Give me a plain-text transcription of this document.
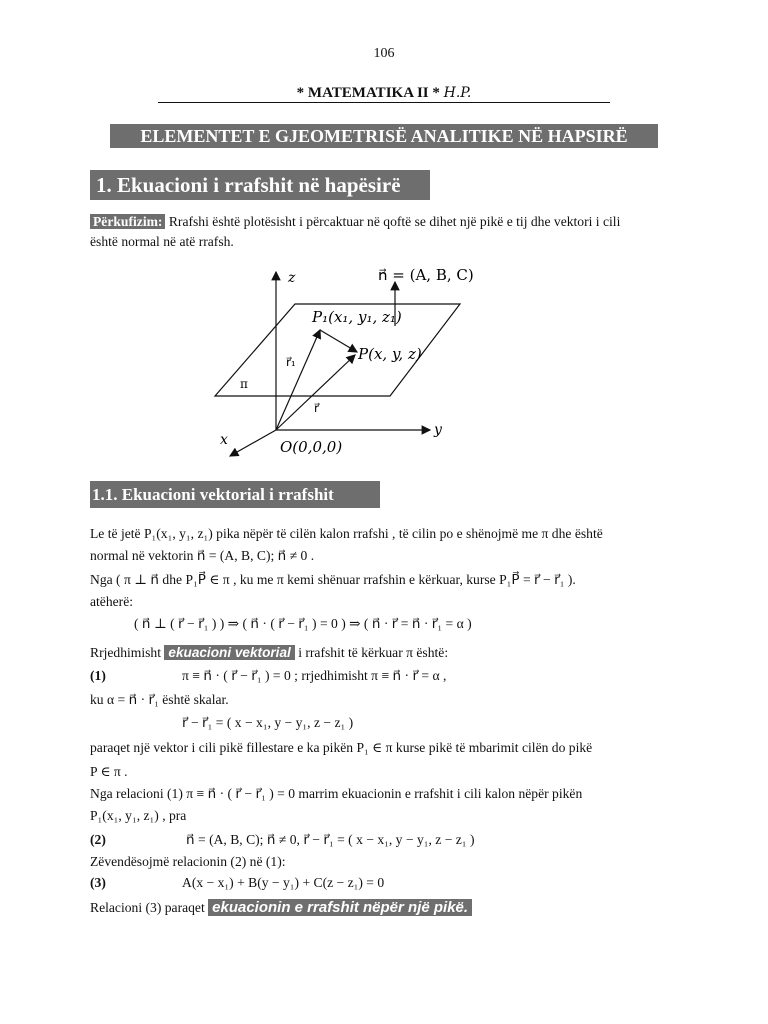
106
* MATEMATIKA II * H.P.
ELEMENTET E GJEOMETRISË ANALITIKE NË HAPSIRË
1. Ekuacioni i rrafshit në hapësirë
Përkufizim: Rrafshi është plotësisht i përcaktuar në qoftë se dihet një pikë e tij dhe vektori i cili
është normal në atë rrafsh.
z
y
x
n⃗ = (A, B, C)
P₁(x₁, y₁, z₁)
P(x, y, z)
r⃗₁
r⃗
π
O(0,0,0)
1.1. Ekuacioni vektorial i rrafshit
Le të jetë P₁(x₁, y₁, z₁) pika nëpër të cilën kalon rrafshi , të cilin po e shënojmë me π dhe është
normal në vektorin n⃗ = (A, B, C); n⃗ ≠ 0 .
Nga ( π ⊥ n⃗ dhe P₁P⃗ ∈ π , ku me π kemi shënuar rrafshin e kërkuar, kurse P₁P⃗ = r⃗ − r⃗₁ ).
atëherë:
( n⃗ ⊥ ( r⃗ − r⃗₁ ) ) ⇒ ( n⃗ · ( r⃗ − r⃗₁ ) = 0 ) ⇒ ( n⃗ · r⃗ = n⃗ · r⃗₁ = α )
Rrjedhimisht ekuacioni vektorial i rrafshit të kërkuar π është:
(1)	π ≡ n⃗ · ( r⃗ − r⃗₁ ) = 0 ; rrjedhimisht π ≡ n⃗ · r⃗ = α ,
ku α = n⃗ · r⃗₁ është skalar.
r⃗ − r⃗₁ = ( x − x₁, y − y₁, z − z₁ )
paraqet një vektor i cili pikë fillestare e ka pikën P₁ ∈ π kurse pikë të mbarimit cilën do pikë
P ∈ π .
Nga relacioni (1) π ≡ n⃗ · ( r⃗ − r⃗₁ ) = 0 marrim ekuacionin e rrafshit i cili kalon nëpër pikën
P₁(x₁, y₁, z₁) , pra
(2)	n⃗ = (A, B, C); n⃗ ≠ 0, r⃗ − r⃗₁ = ( x − x₁, y − y₁, z − z₁ )
Zëvendësojmë relacionin (2) në (1):
(3)	A(x − x₁) + B(y − y₁) + C(z − z₁) = 0
Relacioni (3) paraqet ekuacionin e rrafshit nëpër një pikë.
